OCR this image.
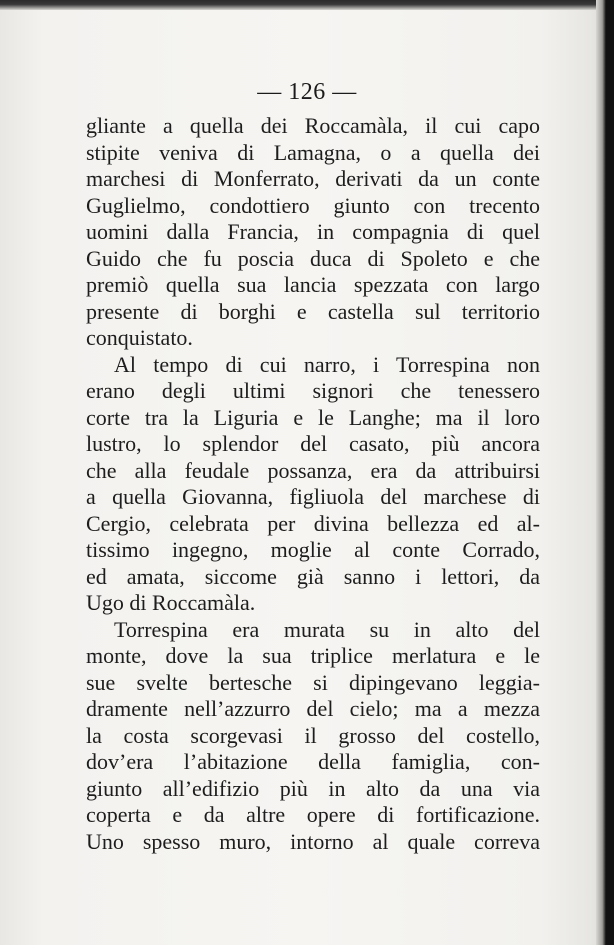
— 126 —
gliante a quella dei Roccamàla, il cui capo
stipite veniva di Lamagna, o a quella dei
marchesi di Monferrato, derivati da un conte
Guglielmo, condottiero giunto con trecento
uomini dalla Francia, in compagnia di quel
Guido che fu poscia duca di Spoleto e che
premiò quella sua lancia spezzata con largo
presente di borghi e castella sul territorio
conquistato.
Al tempo di cui narro, i Torrespina non
erano degli ultimi signori che tenessero
corte tra la Liguria e le Langhe; ma il loro
lustro, lo splendor del casato, più ancora
che alla feudale possanza, era da attribuirsi
a quella Giovanna, figliuola del marchese di
Cergio, celebrata per divina bellezza ed al-
tissimo ingegno, moglie al conte Corrado,
ed amata, siccome già sanno i lettori, da
Ugo di Roccamàla.
Torrespina era murata su in alto del
monte, dove la sua triplice merlatura e le
sue svelte bertesche si dipingevano leggia-
dramente nell’azzurro del cielo; ma a mezza
la costa scorgevasi il grosso del costello,
dov’era l’abitazione della famiglia, con-
giunto all’edifizio più in alto da una via
coperta e da altre opere di fortificazione.
Uno spesso muro, intorno al quale correva
